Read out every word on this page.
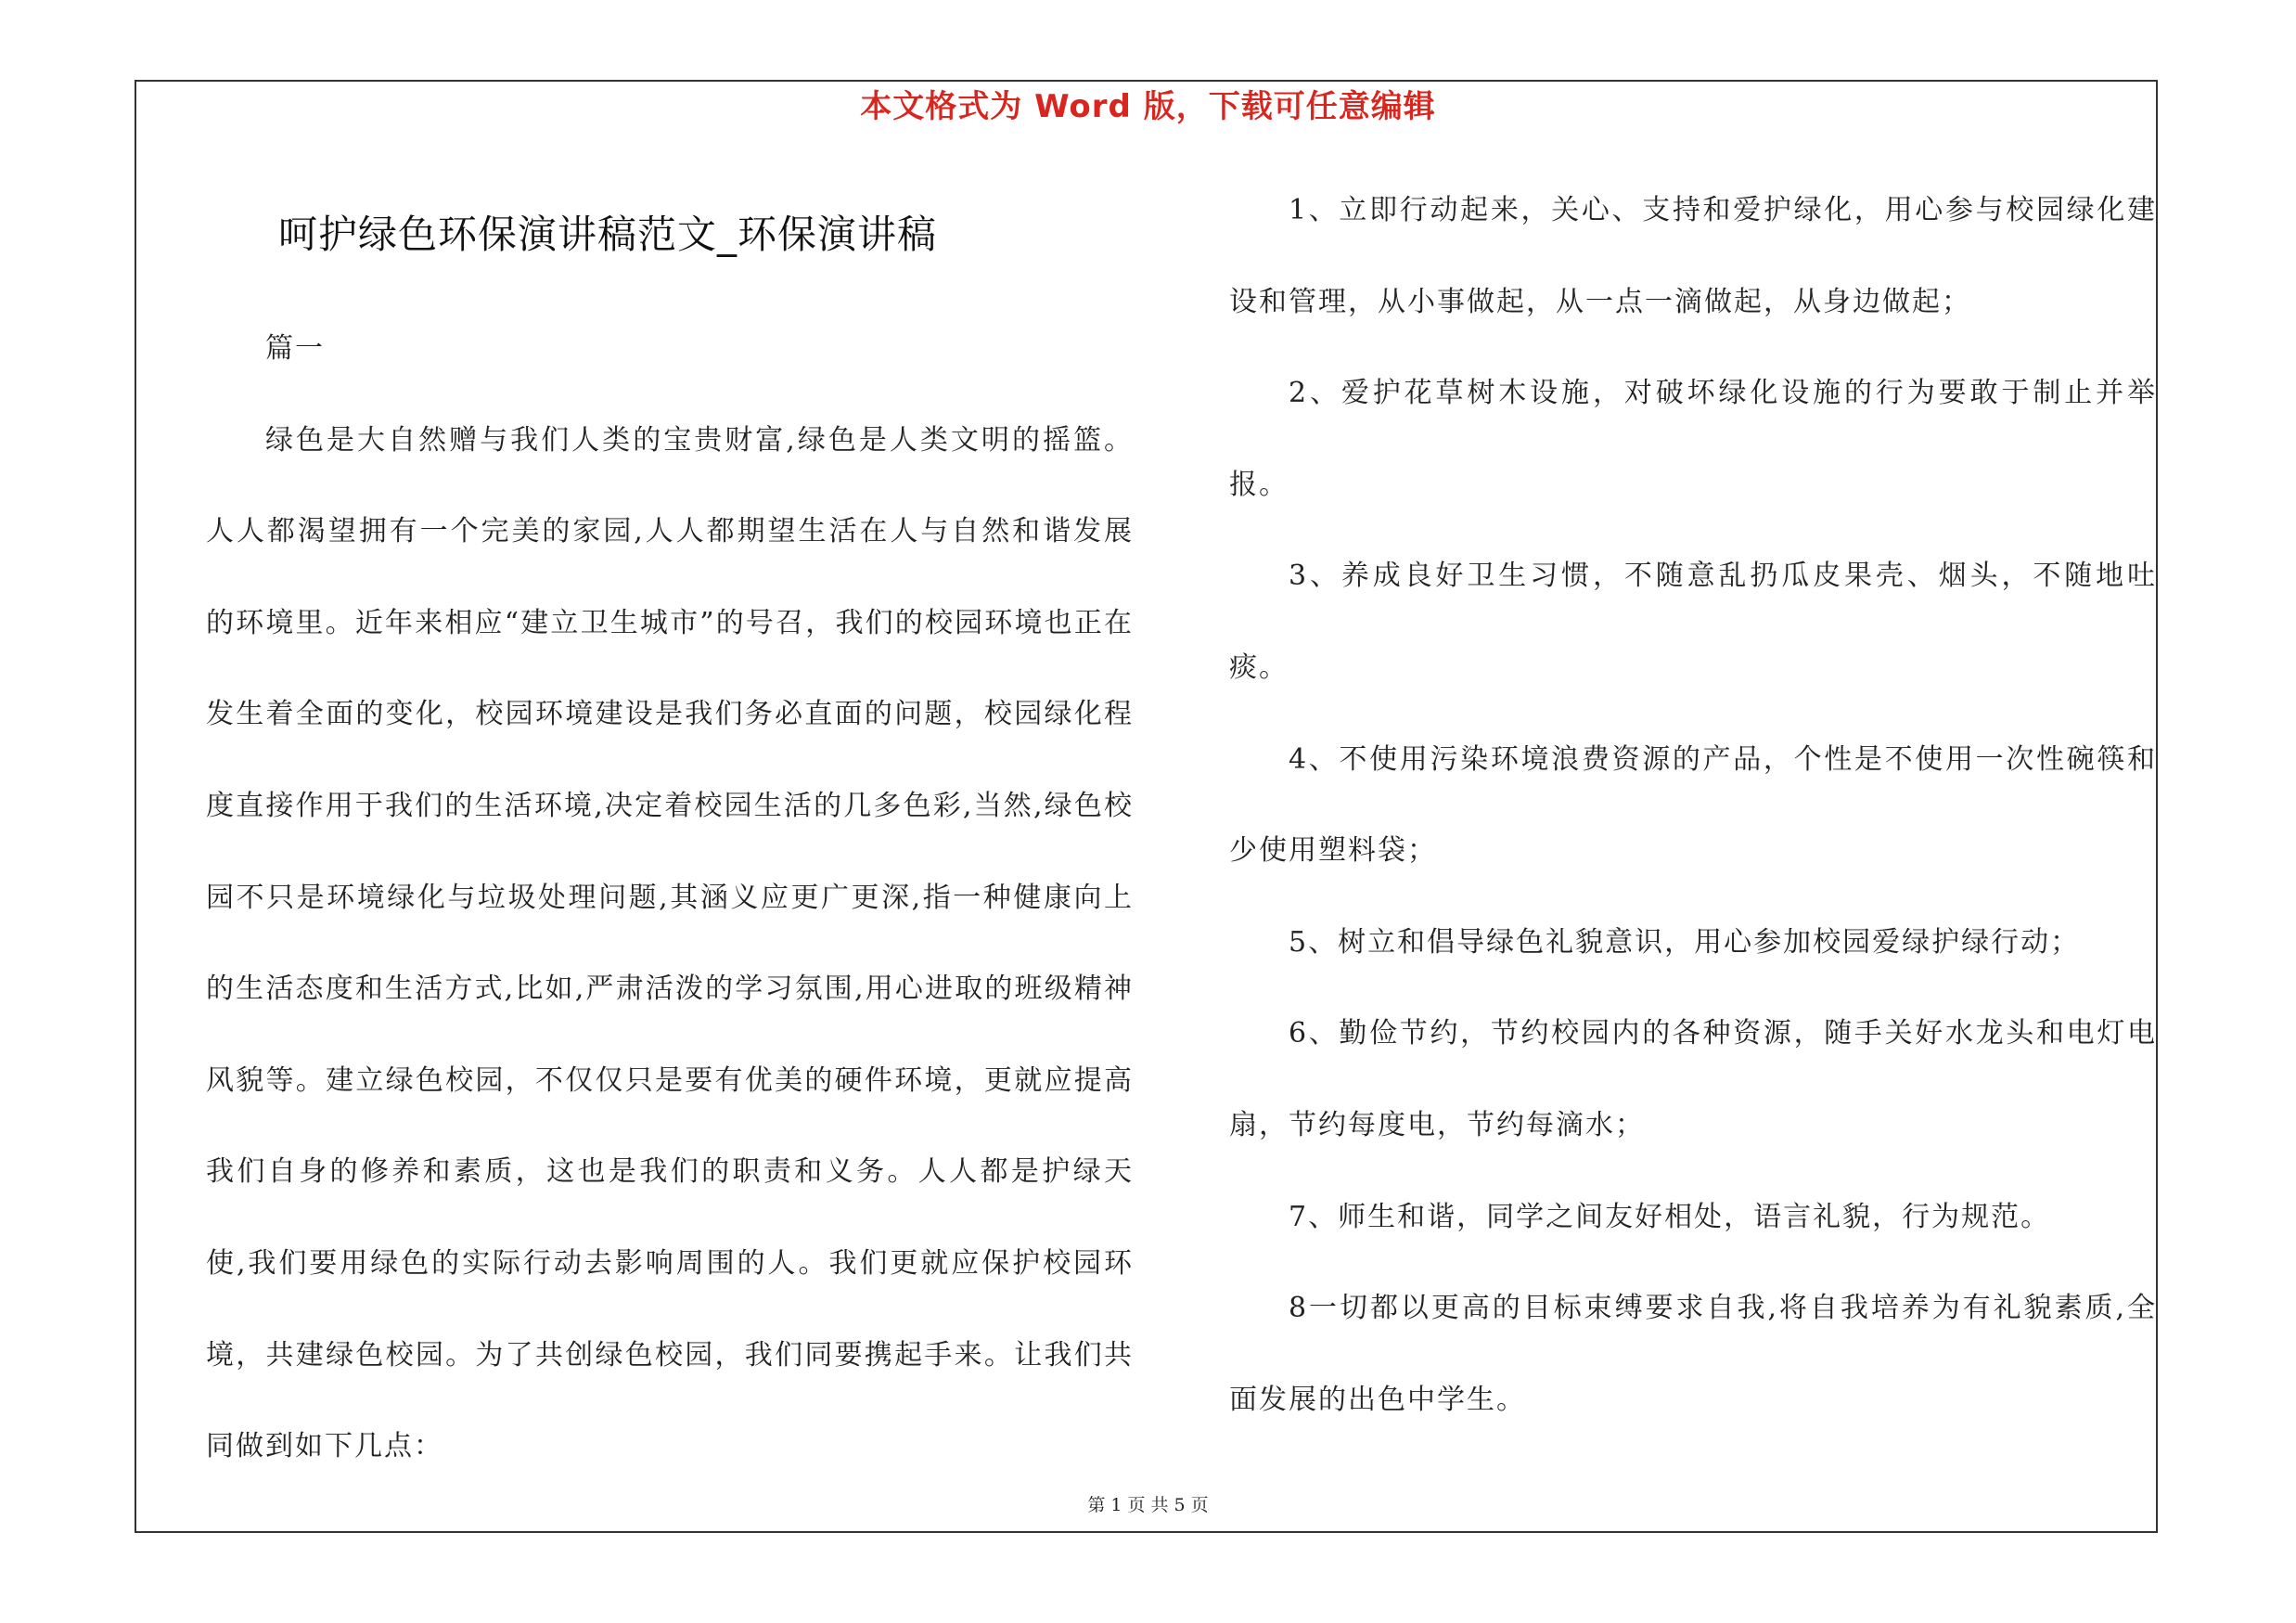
本文格式为 Word 版，下载可任意编辑
呵护绿色环保演讲稿范文_环保演讲稿

篇一

绿色是大自然赠与我们人类的宝贵财富,绿色是人类文明的摇篮。人人都渴望拥有一个完美的家园,人人都期望生活在人与自然和谐发展的环境里。近年来相应“建立卫生城市”的号召，我们的校园环境也正在发生着全面的变化，校园环境建设是我们务必直面的问题，校园绿化程度直接作用于我们的生活环境,决定着校园生活的几多色彩,当然,绿色校园不只是环境绿化与垃圾处理问题,其涵义应更广更深,指一种健康向上的生活态度和生活方式,比如,严肃活泼的学习氛围,用心进取的班级精神风貌等。建立绿色校园，不仅仅只是要有优美的硬件环境，更就应提高我们自身的修养和素质，这也是我们的职责和义务。人人都是护绿天使,我们要用绿色的实际行动去影响周围的人。我们更就应保护校园环境，共建绿色校园。为了共创绿色校园，我们同要携起手来。让我们共同做到如下几点：

1、立即行动起来，关心、支持和爱护绿化，用心参与校园绿化建设和管理，从小事做起，从一点一滴做起，从身边做起；

2、爱护花草树木设施，对破坏绿化设施的行为要敢于制止并举报。

3、养成良好卫生习惯，不随意乱扔瓜皮果壳、烟头，不随地吐痰。

4、不使用污染环境浪费资源的产品，个性是不使用一次性碗筷和少使用塑料袋；

5、树立和倡导绿色礼貌意识，用心参加校园爱绿护绿行动；

6、勤俭节约，节约校园内的各种资源，随手关好水龙头和电灯电扇，节约每度电，节约每滴水；

7、师生和谐，同学之间友好相处，语言礼貌，行为规范。

8一切都以更高的目标束缚要求自我,将自我培养为有礼貌素质,全面发展的出色中学生。

第 1 页 共 5 页
